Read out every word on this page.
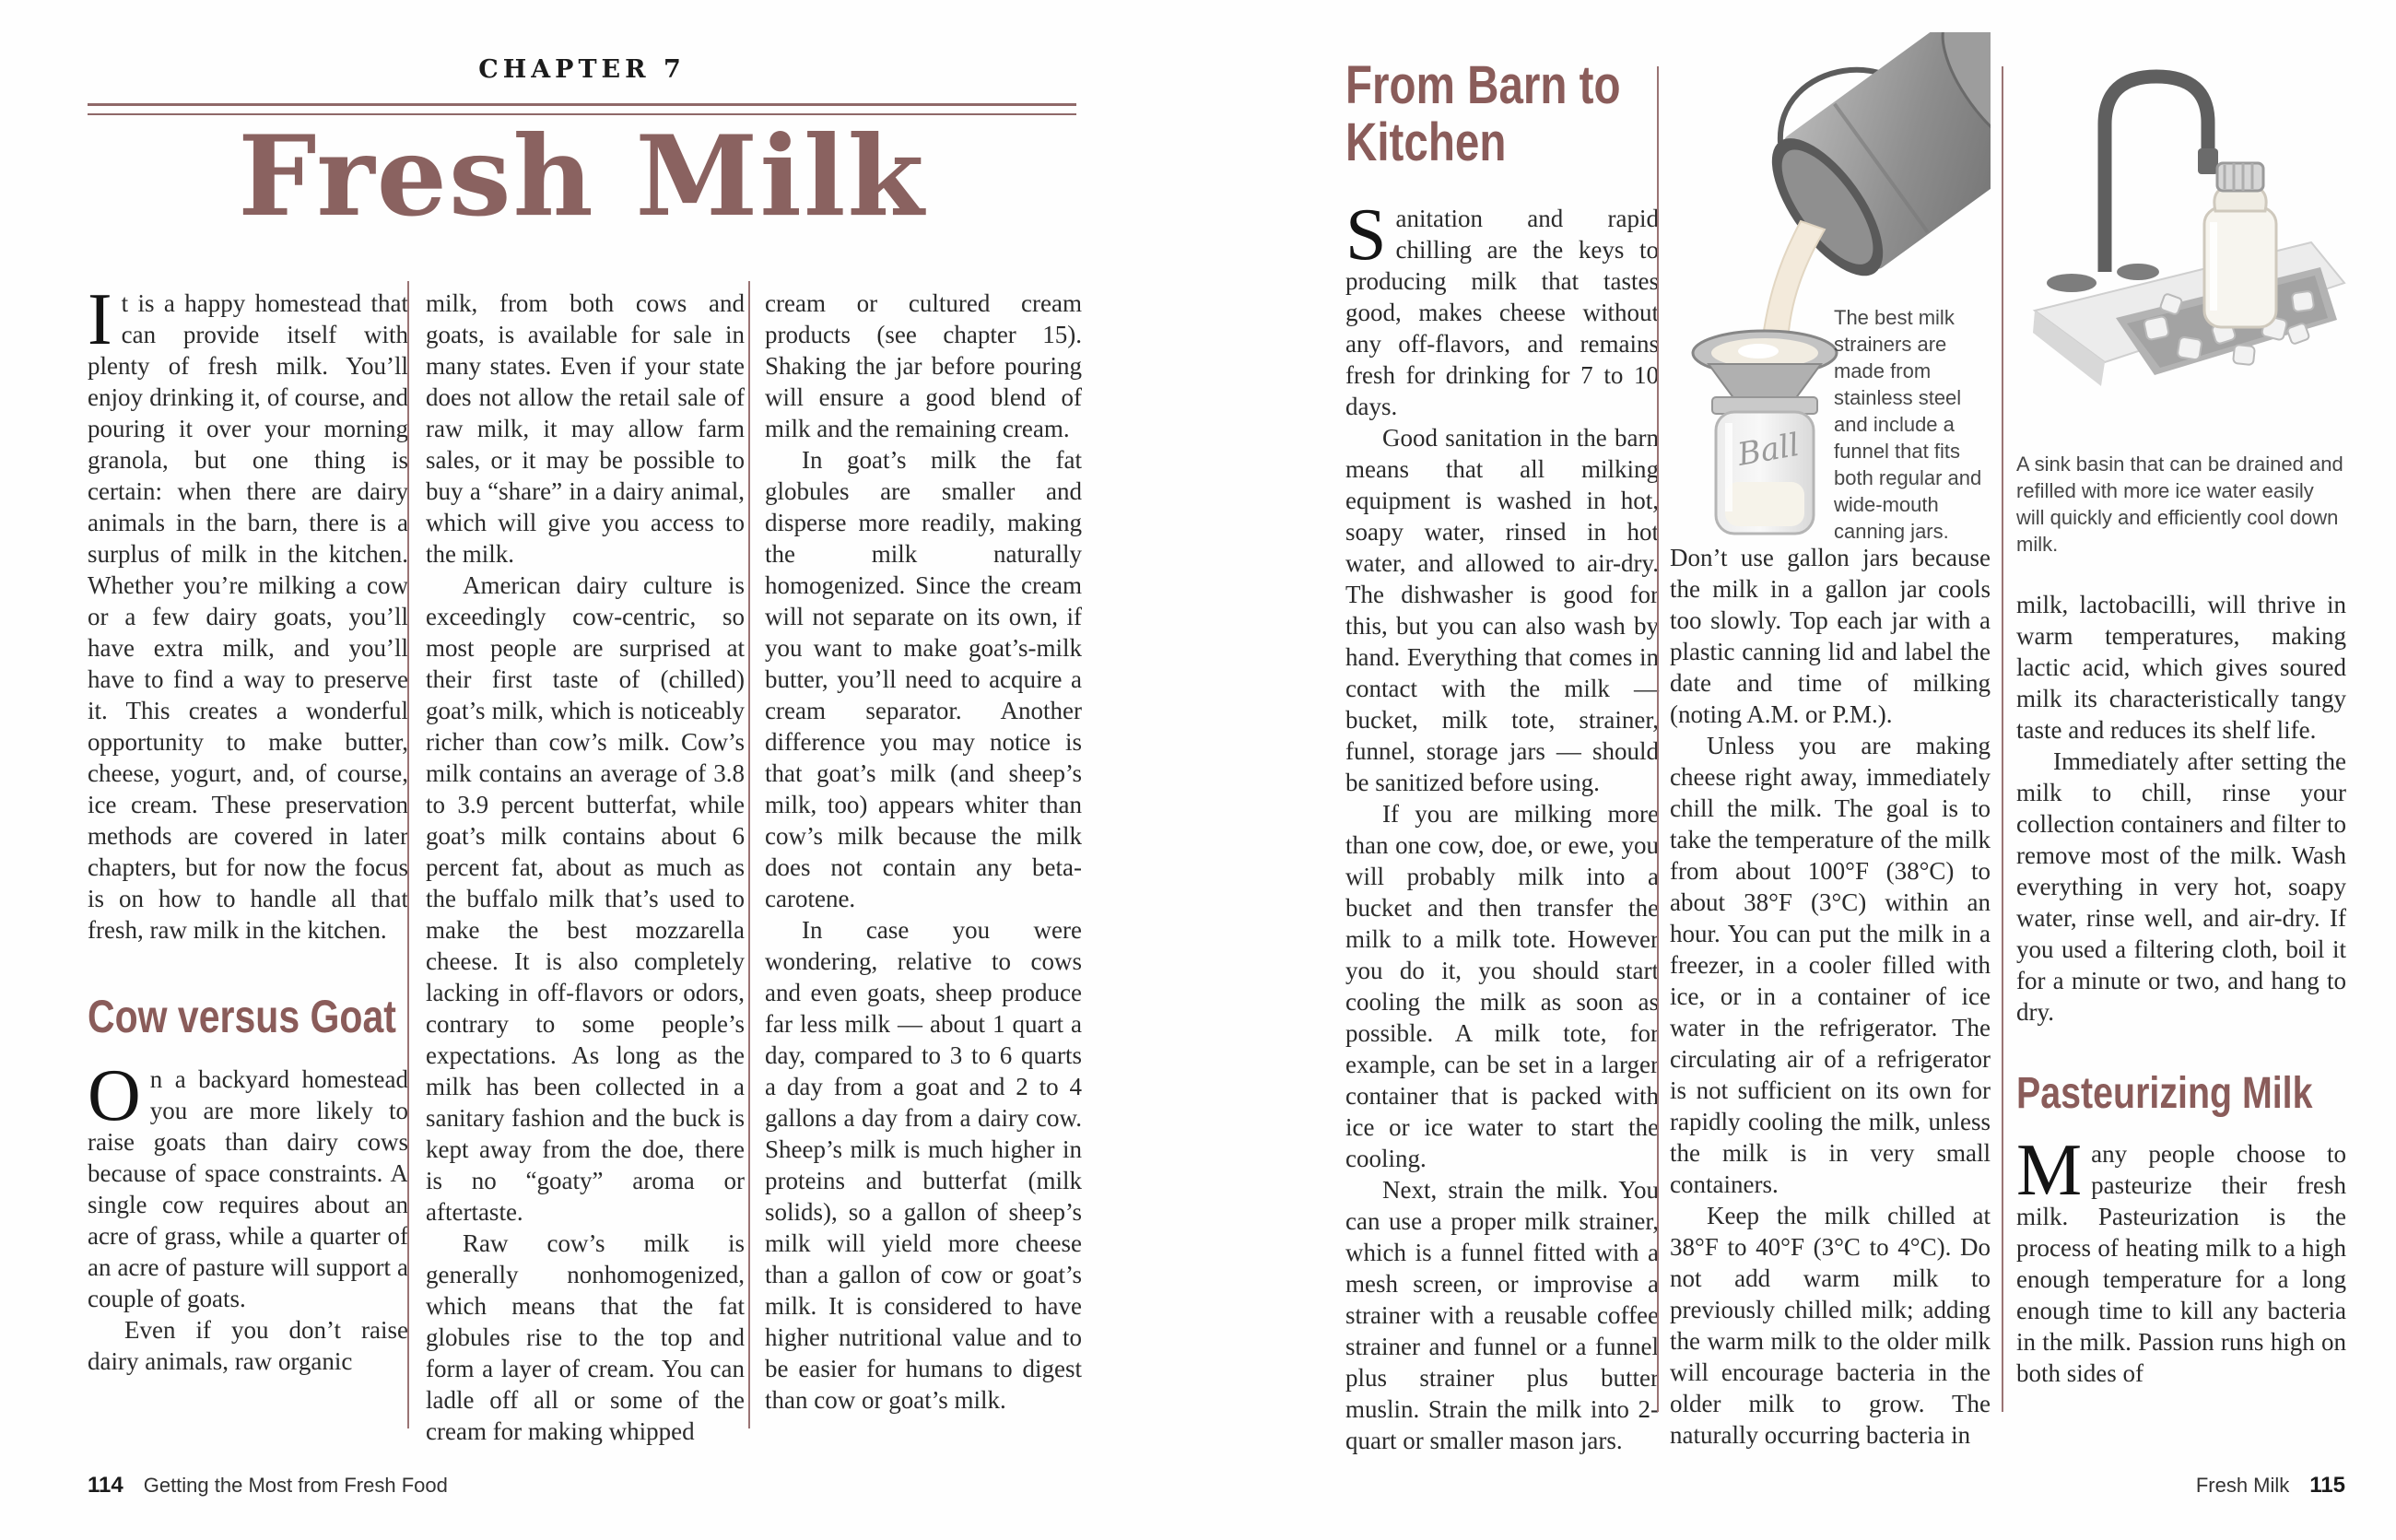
CHAPTER 7
Fresh Milk

It is a happy homestead that can provide itself with plenty of fresh milk. You’ll enjoy drinking it, of course, and pouring it over your morning granola, but one thing is certain: when there are dairy animals in the barn, there is a surplus of milk in the kitchen. Whether you’re milking a cow or a few dairy goats, you’ll have extra milk, and you’ll have to find a way to preserve it. This creates a wonderful opportunity to make butter, cheese, yogurt, and, of course, ice cream. These preservation methods are covered in later chapters, but for now the focus is on how to handle all that fresh, raw milk in the kitchen.

Cow versus Goat

On a backyard homestead you are more likely to raise goats than dairy cows because of space constraints. A single cow requires about an acre of grass, while a quarter of an acre of pasture will support a couple of goats.

Even if you don’t raise dairy animals, raw organic

milk, from both cows and goats, is available for sale in many states. Even if your state does not allow the retail sale of raw milk, it may allow farm sales, or it may be possible to buy a “share” in a dairy animal, which will give you access to the milk.

American dairy culture is exceedingly cow-centric, so most people are surprised at their first taste of (chilled) goat’s milk, which is noticeably richer than cow’s milk. Cow’s milk contains an average of 3.8 to 3.9 percent butterfat, while goat’s milk contains about 6 percent fat, about as much as the buffalo milk that’s used to make the best mozzarella cheese. It is also completely lacking in off-flavors or odors, contrary to some people’s expectations. As long as the milk has been collected in a sanitary fashion and the buck is kept away from the doe, there is no “goaty” aroma or aftertaste.

Raw cow’s milk is generally nonhomogenized, which means that the fat globules rise to the top and form a layer of cream. You can ladle off all or some of the cream for making whipped

cream or cultured cream products (see chapter 15). Shaking the jar before pouring will ensure a good blend of milk and the remaining cream.

In goat’s milk the fat globules are smaller and disperse more readily, making the milk naturally homogenized. Since the cream will not separate on its own, if you want to make goat’s-milk butter, you’ll need to acquire a cream separator. Another difference you may notice is that goat’s milk (and sheep’s milk, too) appears whiter than cow’s milk because the milk does not contain any beta-carotene.

In case you were wondering, relative to cows and even goats, sheep produce far less milk — about 1 quart a day, compared to 3 to 6 quarts a day from a goat and 2 to 4 gallons a day from a dairy cow. Sheep’s milk is much higher in proteins and butterfat (milk solids), so a gallon of sheep’s milk will yield more cheese than a gallon of cow or goat’s milk. It is considered to have higher nutritional value and to be easier for humans to digest than cow or goat’s milk.

114 Getting the Most from Fresh Food
From Barn to Kitchen

Sanitation and rapid chilling are the keys to producing milk that tastes good, makes cheese without any off-flavors, and remains fresh for drinking for 7 to 10 days.

Good sanitation in the barn means that all milking equipment is washed in hot, soapy water, rinsed in hot water, and allowed to air-dry. The dishwasher is good for this, but you can also wash by hand. Everything that comes in contact with the milk — bucket, milk tote, strainer, funnel, storage jars — should be sanitized before using.

If you are milking more than one cow, doe, or ewe, you will probably milk into a bucket and then transfer the milk to a milk tote. However you do it, you should start cooling the milk as soon as possible. A milk tote, for example, can be set in a larger container that is packed with ice or ice water to start the cooling.

Next, strain the milk. You can use a proper milk strainer, which is a funnel fitted with a mesh screen, or improvise a strainer with a reusable coffee strainer and funnel or a funnel plus strainer plus butter muslin. Strain the milk into 2-quart or smaller mason jars.

Ball
The best milk strainers are made from stainless steel and include a funnel that fits both regular and wide-mouth canning jars.

Don’t use gallon jars because the milk in a gallon jar cools too slowly. Top each jar with a plastic canning lid and label the date and time of milking (noting A.M. or P.M.).

Unless you are making cheese right away, immediately chill the milk. The goal is to take the temperature of the milk from about 100°F (38°C) to about 38°F (3°C) within an hour. You can put the milk in a freezer, in a cooler filled with ice, or in a container of ice water in the refrigerator. The circulating air of a refrigerator is not sufficient on its own for rapidly cooling the milk, unless the milk is in very small containers.

Keep the milk chilled at 38°F to 40°F (3°C to 4°C). Do not add warm milk to previously chilled milk; adding the warm milk to the older milk will encourage bacteria in the older milk to grow. The naturally occurring bacteria in

A sink basin that can be drained and refilled with more ice water easily will quickly and efficiently cool down milk.

milk, lactobacilli, will thrive in warm temperatures, making lactic acid, which gives soured milk its characteristically tangy taste and reduces its shelf life.

Immediately after setting the milk to chill, rinse your collection containers and filter to remove most of the milk. Wash everything in very hot, soapy water, rinse well, and air-dry. If you used a filtering cloth, boil it for a minute or two, and hang to dry.

Pasteurizing Milk

Many people choose to pasteurize their fresh milk. Pasteurization is the process of heating milk to a high enough temperature for a long enough time to kill any bacteria in the milk. Passion runs high on both sides of

Fresh Milk 115
